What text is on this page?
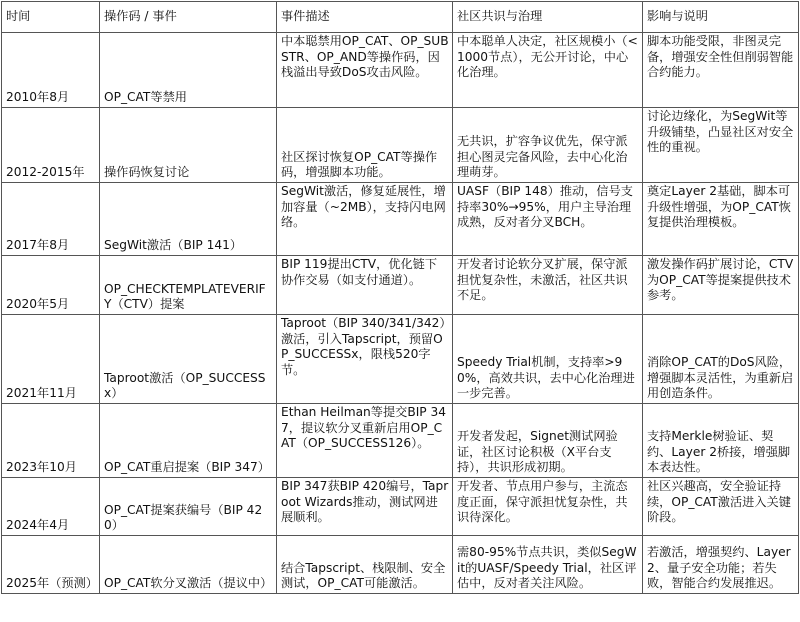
时间	操作码 / 事件	事件描述	社区共识与治理	影响与说明
2010年8月	OP_CAT等禁用	中本聪禁用OP_CAT、OP_SUBSTR、OP_AND等操作码，因栈溢出导致DoS攻击风险。	中本聪单人决定，社区规模小（<1000节点），无公开讨论，中心化治理。	脚本功能受限，非图灵完备，增强安全性但削弱智能合约能力。
2012-2015年	操作码恢复讨论	社区探讨恢复OP_CAT等操作码，增强脚本功能。	无共识，扩容争议优先，保守派担心图灵完备风险，去中心化治理萌芽。	讨论边缘化，为SegWit等升级铺垫，凸显社区对安全性的重视。
2017年8月	SegWit激活（BIP 141）	SegWit激活，修复延展性，增加容量（~2MB），支持闪电网络。	UASF（BIP 148）推动，信号支持率30%→95%，用户主导治理成熟，反对者分叉BCH。	奠定Layer 2基础，脚本可升级性增强，为OP_CAT恢复提供治理模板。
2020年5月	OP_CHECKTEMPLATEVERIFY（CTV）提案	BIP 119提出CTV，优化链下协作交易（如支付通道）。	开发者讨论软分叉扩展，保守派担忧复杂性，未激活，社区共识不足。	激发操作码扩展讨论，CTV为OP_CAT等提案提供技术参考。
2021年11月	Taproot激活（OP_SUCCESSx）	Taproot（BIP 340/341/342）激活，引入Tapscript，预留OP_SUCCESSx，限栈520字节。	Speedy Trial机制，支持率>90%，高效共识，去中心化治理进一步完善。	消除OP_CAT的DoS风险，增强脚本灵活性，为重新启用创造条件。
2023年10月	OP_CAT重启提案（BIP 347）	Ethan Heilman等提交BIP 347，提议软分叉重新启用OP_CAT（OP_SUCCESS126）。	开发者发起，Signet测试网验证，社区讨论积极（X平台支持），共识形成初期。	支持Merkle树验证、契约、Layer 2桥接，增强脚本表达性。
2024年4月	OP_CAT提案获编号（BIP 420）	BIP 347获BIP 420编号，Taproot Wizards推动，测试网进展顺利。	开发者、节点用户参与，主流态度正面，保守派担忧复杂性，共识待深化。	社区兴趣高，安全验证持续，OP_CAT激活进入关键阶段。
2025年（预测）	OP_CAT软分叉激活（提议中）	结合Tapscript、栈限制、安全测试，OP_CAT可能激活。	需80-95%节点共识，类似SegWit的UASF/Speedy Trial，社区评估中，反对者关注风险。	若激活，增强契约、Layer 2、量子安全功能；若失败，智能合约发展推迟。
